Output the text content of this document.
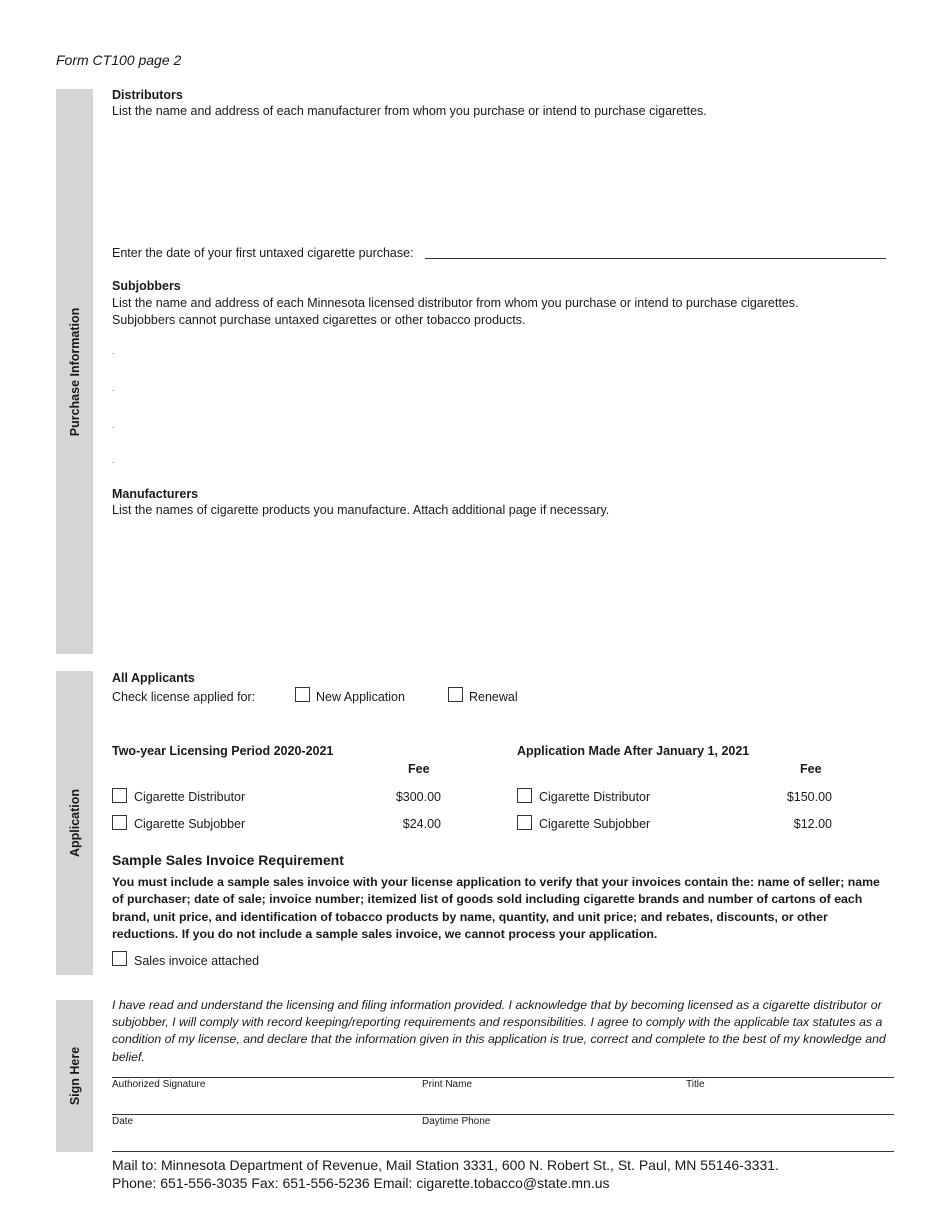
Form CT100 page 2
Purchase Information
Application
Sign Here
Distributors
List the name and address of each manufacturer from whom you purchase or intend to purchase cigarettes.
Enter the date of your first untaxed cigarette purchase:
Subjobbers
List the name and address of each Minnesota licensed distributor from whom you purchase or intend to purchase cigarettes.
Subjobbers cannot purchase untaxed cigarettes or other tobacco products.
Manufacturers
List the names of cigarette products you manufacture. Attach additional page if necessary.
All Applicants
Check license applied for:	New Application	Renewal
Two-year Licensing Period 2020-2021
Fee
Application Made After January 1, 2021
Fee
Cigarette Distributor	$300.00
Cigarette Subjobber	$24.00
Cigarette Distributor	$150.00
Cigarette Subjobber	$12.00
Sample Sales Invoice Requirement
You must include a sample sales invoice with your license application to verify that your invoices contain the: name of seller; name of purchaser; date of sale; invoice number; itemized list of goods sold including cigarette brands and number of cartons of each brand, unit price, and identification of tobacco products by name, quantity, and unit price; and rebates, discounts, or other reductions. If you do not include a sample sales invoice, we cannot process your application.
Sales invoice attached
I have read and understand the licensing and filing information provided. I acknowledge that by becoming licensed as a cigarette distributor or subjobber, I will comply with record keeping/reporting requirements and responsibilities. I agree to comply with the applicable tax statutes as a condition of my license, and declare that the information given in this application is true, correct and complete to the best of my knowledge and belief.
Authorized Signature	Print Name	Title
Date	Daytime Phone
Mail to: Minnesota Department of Revenue, Mail Station 3331, 600 N. Robert St., St. Paul, MN 55146-3331.
Phone: 651-556-3035 Fax: 651-556-5236 Email: cigarette.tobacco@state.mn.us
